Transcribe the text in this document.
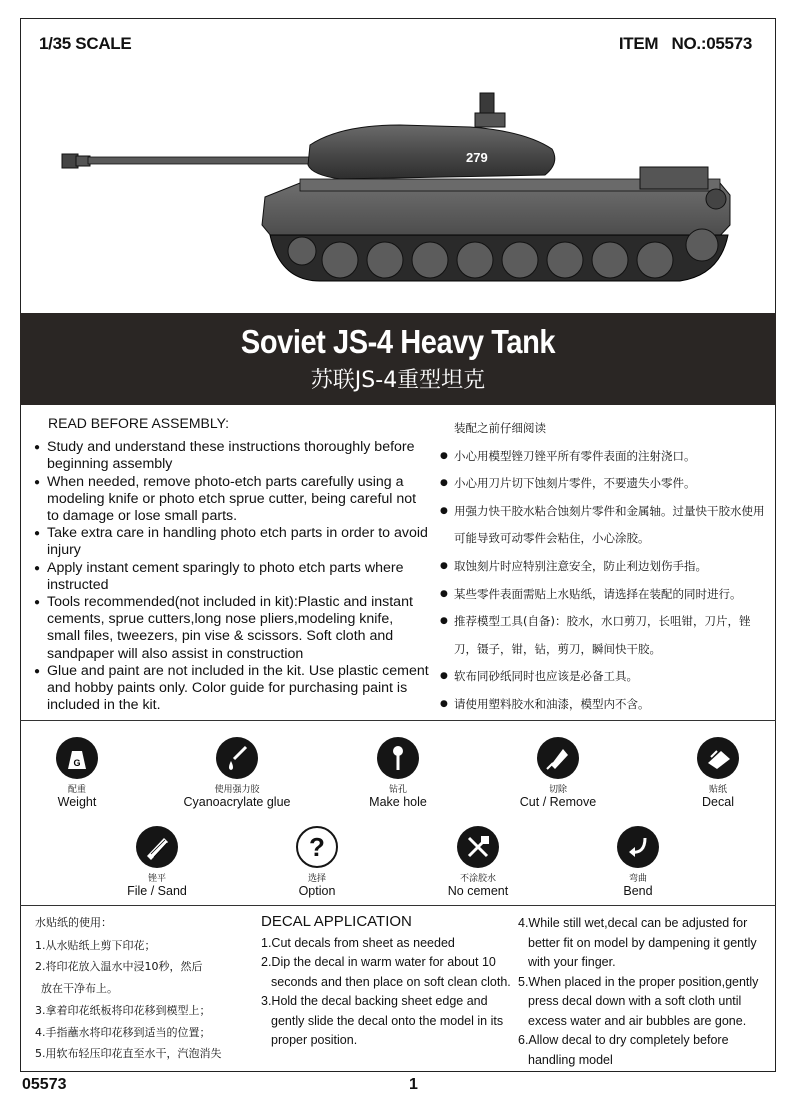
1/35 SCALE	ITEM   NO.:05573
279
Soviet JS-4 Heavy Tank
苏联JS-4重型坦克
READ BEFORE ASSEMBLY:
● Study and understand these instructions thoroughly before beginning assembly
● When needed, remove photo-etch parts carefully using a modeling knife or photo etch sprue cutter, being careful not to damage or lose small parts.
● Take extra care in handling photo etch parts in order to avoid injury
● Apply instant cement sparingly to photo etch parts where instructed
● Tools recommended(not included in kit):Plastic and instant cements, sprue cutters,long nose pliers,modeling knife, small files, tweezers, pin vise & scissors. Soft cloth and sandpaper will also assist in construction
● Glue and paint are not included in the kit. Use plastic cement and hobby paints only. Color guide for purchasing paint is included in the kit.
装配之前仔细阅读
● 小心用模型锉刀锉平所有零件表面的注射浇口。
● 小心用刀片切下蚀刻片零件，不要遗失小零件。
● 用强力快干胶水粘合蚀刻片零件和金属轴。过量快干胶水使用可能导致可动零件会粘住，小心涂胶。
● 取蚀刻片时应特别注意安全，防止利边划伤手指。
● 某些零件表面需贴上水贴纸，请选择在装配的同时进行。
● 推荐模型工具(自备)：胶水，水口剪刀，长咀钳，刀片，锉刀，镊子，钳，钻，剪刀，瞬间快干胶。
● 软布同砂纸同时也应该是必备工具。
● 请使用塑料胶水和油漆，模型内不含。
G
配重
Weight
使用强力胶
Cyanoacrylate glue
钻孔
Make hole
切除
Cut / Remove
贴纸
Decal
锉平
File / Sand
?
选择
Option
不涂胶水
No cement
弯曲
Bend
水贴纸的使用：
1.从水贴纸上剪下印花；
2.将印花放入温水中浸10秒，然后
放在干净布上。
3.拿着印花纸板将印花移到模型上；
4.手指蘸水将印花移到适当的位置；
5.用软布轻压印花直至水干，汽泡消失
DECAL APPLICATION
1.Cut decals from sheet as needed
2.Dip the decal in warm water for about 10 seconds and then place on soft clean cloth.
3.Hold the decal backing sheet edge and gently slide the decal onto the model in its proper position.
4.While still wet,decal can be adjusted for better fit on model by dampening it gently with your finger.
5.When placed in the proper position,gently press decal down with a soft cloth until excess water and air bubbles are gone.
6.Allow decal to dry completely before handling model
05573	1
